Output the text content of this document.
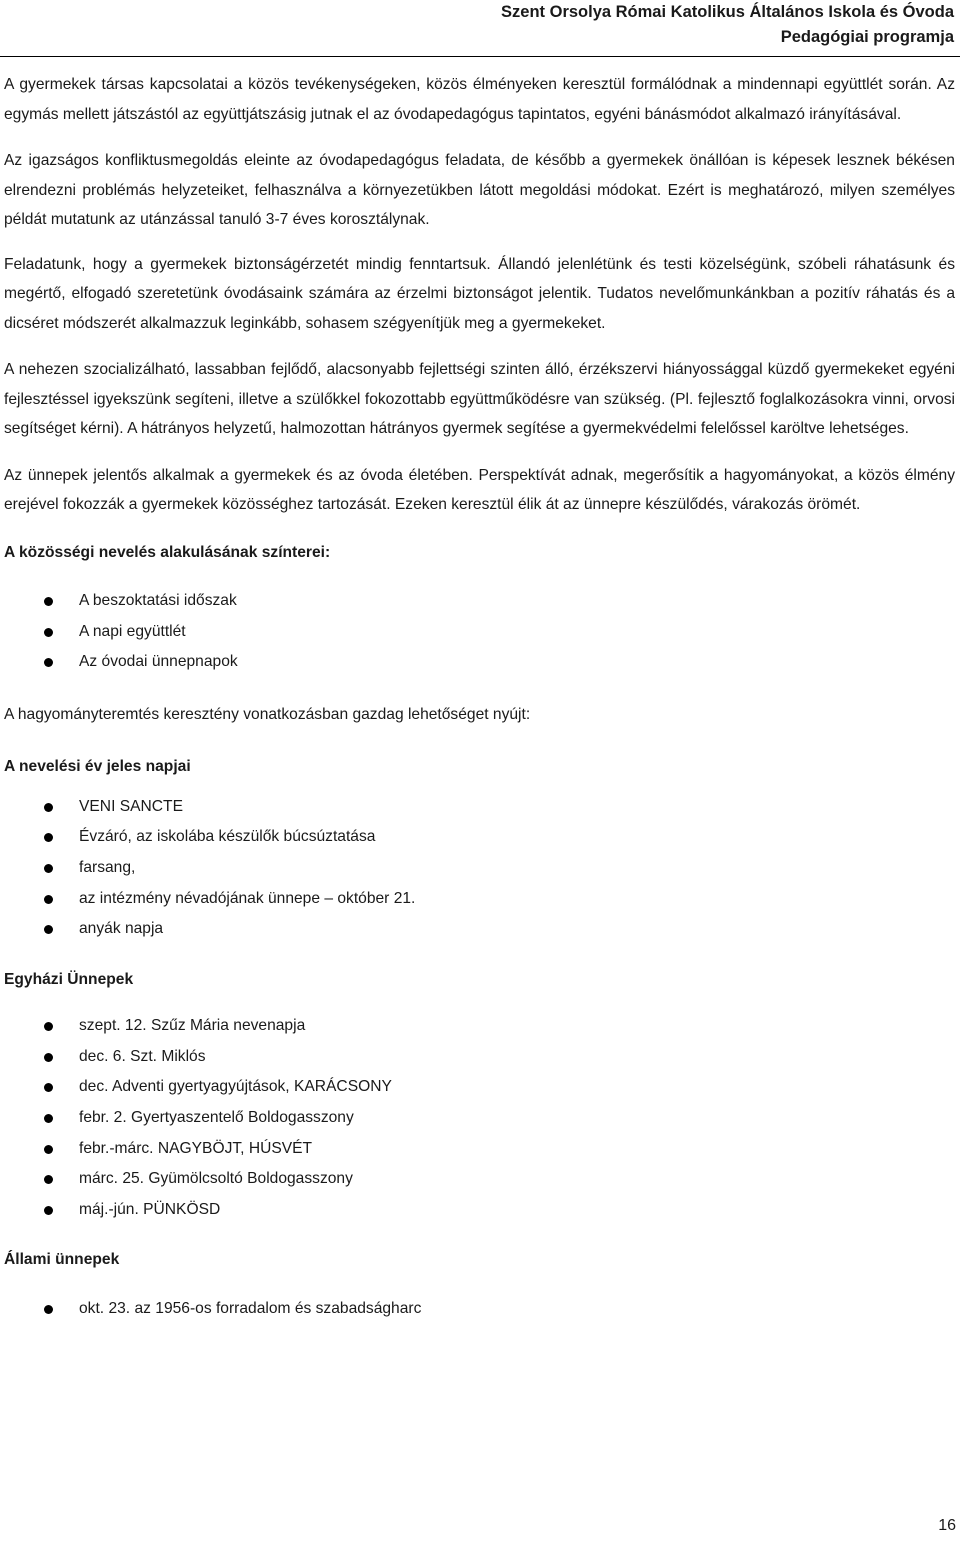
Szent Orsolya Római Katolikus Általános Iskola és Óvoda
Pedagógiai programja

A gyermekek társas kapcsolatai a közös tevékenységeken, közös élményeken keresztül formálódnak a mindennapi együttlét során. Az egymás mellett játszástól az együttjátszásig jutnak el az óvodapedagógus tapintatos, egyéni bánásmódot alkalmazó irányításával.

Az igazságos konfliktusmegoldás eleinte az óvodapedagógus feladata, de később a gyermekek önállóan is képesek lesznek békésen elrendezni problémás helyzeteiket, felhasználva a környezetükben látott megoldási módokat. Ezért is meghatározó, milyen személyes példát mutatunk az utánzással tanuló 3-7 éves korosztálynak.

Feladatunk, hogy a gyermekek biztonságérzetét mindig fenntartsuk. Állandó jelenlétünk és testi közelségünk, szóbeli ráhatásunk és megértő, elfogadó szeretetünk óvodásaink számára az érzelmi biztonságot jelentik. Tudatos nevelőmunkánkban a pozitív ráhatás és a dicséret módszerét alkalmazzuk leginkább, sohasem szégyenítjük meg a gyermekeket.

A nehezen szocializálható, lassabban fejlődő, alacsonyabb fejlettségi szinten álló, érzékszervi hiányossággal küzdő gyermekeket egyéni fejlesztéssel igyekszünk segíteni, illetve a szülőkkel fokozottabb együttműködésre van szükség. (Pl. fejlesztő foglalkozásokra vinni, orvosi segítséget kérni). A hátrányos helyzetű, halmozottan hátrányos gyermek segítése a gyermekvédelmi felelőssel karöltve lehetséges.

Az ünnepek jelentős alkalmak a gyermekek és az óvoda életében. Perspektívát adnak, megerősítik a hagyományokat, a közös élmény erejével fokozzák a gyermekek közösséghez tartozását. Ezeken keresztül élik át az ünnepre készülődés, várakozás örömét.

A közösségi nevelés alakulásának színterei:

A beszoktatási időszak
A napi együttlét
Az óvodai ünnepnapok

A hagyományteremtés keresztény vonatkozásban gazdag lehetőséget nyújt:

A nevelési év jeles napjai

VENI SANCTE
Évzáró, az iskolába készülők búcsúztatása
farsang,
az intézmény névadójának ünnepe – október 21.
anyák napja

Egyházi Ünnepek

szept. 12. Szűz Mária nevenapja
dec. 6. Szt. Miklós
dec. Adventi gyertyagyújtások, KARÁCSONY
febr. 2. Gyertyaszentelő Boldogasszony
febr.-márc. NAGYBÖJT, HÚSVÉT
márc. 25. Gyümölcsoltó Boldogasszony
máj.-jún. PÜNKÖSD

Állami ünnepek

okt. 23. az 1956-os forradalom és szabadságharc
16
